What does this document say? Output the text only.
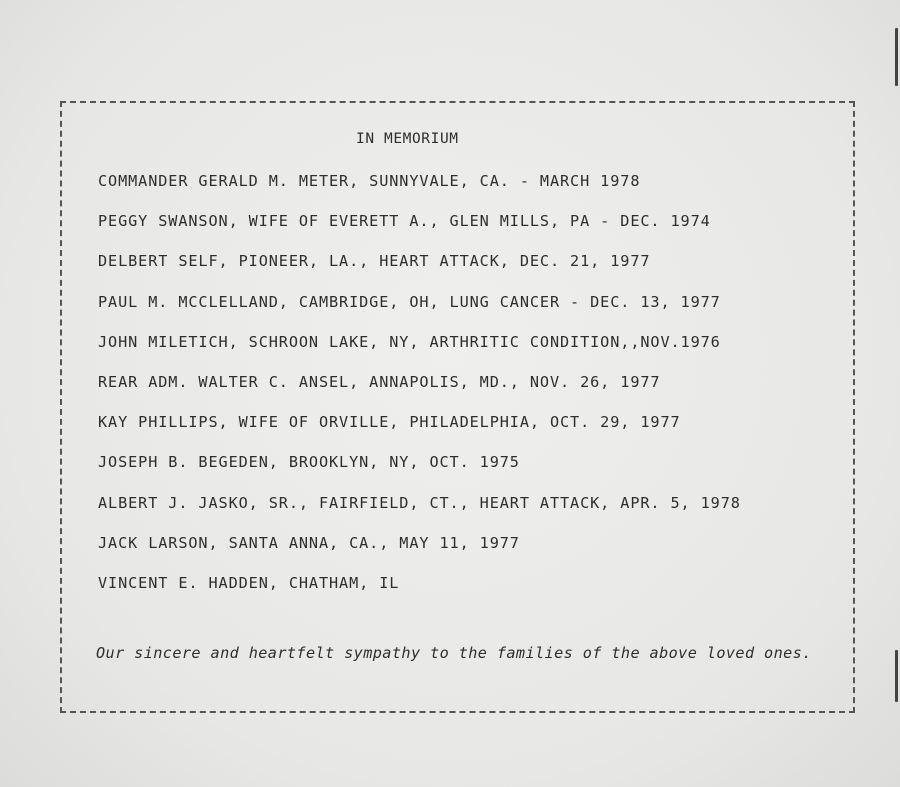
IN MEMORIUM
COMMANDER GERALD M. METER, SUNNYVALE, CA. - MARCH 1978
PEGGY SWANSON, WIFE OF EVERETT A., GLEN MILLS, PA - DEC. 1974
DELBERT SELF, PIONEER, LA., HEART ATTACK, DEC. 21, 1977
PAUL M. MCCLELLAND, CAMBRIDGE, OH, LUNG CANCER - DEC. 13, 1977
JOHN MILETICH, SCHROON LAKE, NY, ARTHRITIC CONDITION,,NOV.1976
REAR ADM. WALTER C. ANSEL, ANNAPOLIS, MD., NOV. 26, 1977
KAY PHILLIPS, WIFE OF ORVILLE, PHILADELPHIA, OCT. 29, 1977
JOSEPH B. BEGEDEN, BROOKLYN, NY, OCT. 1975
ALBERT J. JASKO, SR., FAIRFIELD, CT., HEART ATTACK, APR. 5, 1978
JACK LARSON, SANTA ANNA, CA., MAY 11, 1977
VINCENT E. HADDEN, CHATHAM, IL

Our sincere and heartfelt sympathy to the families of the above loved ones.
